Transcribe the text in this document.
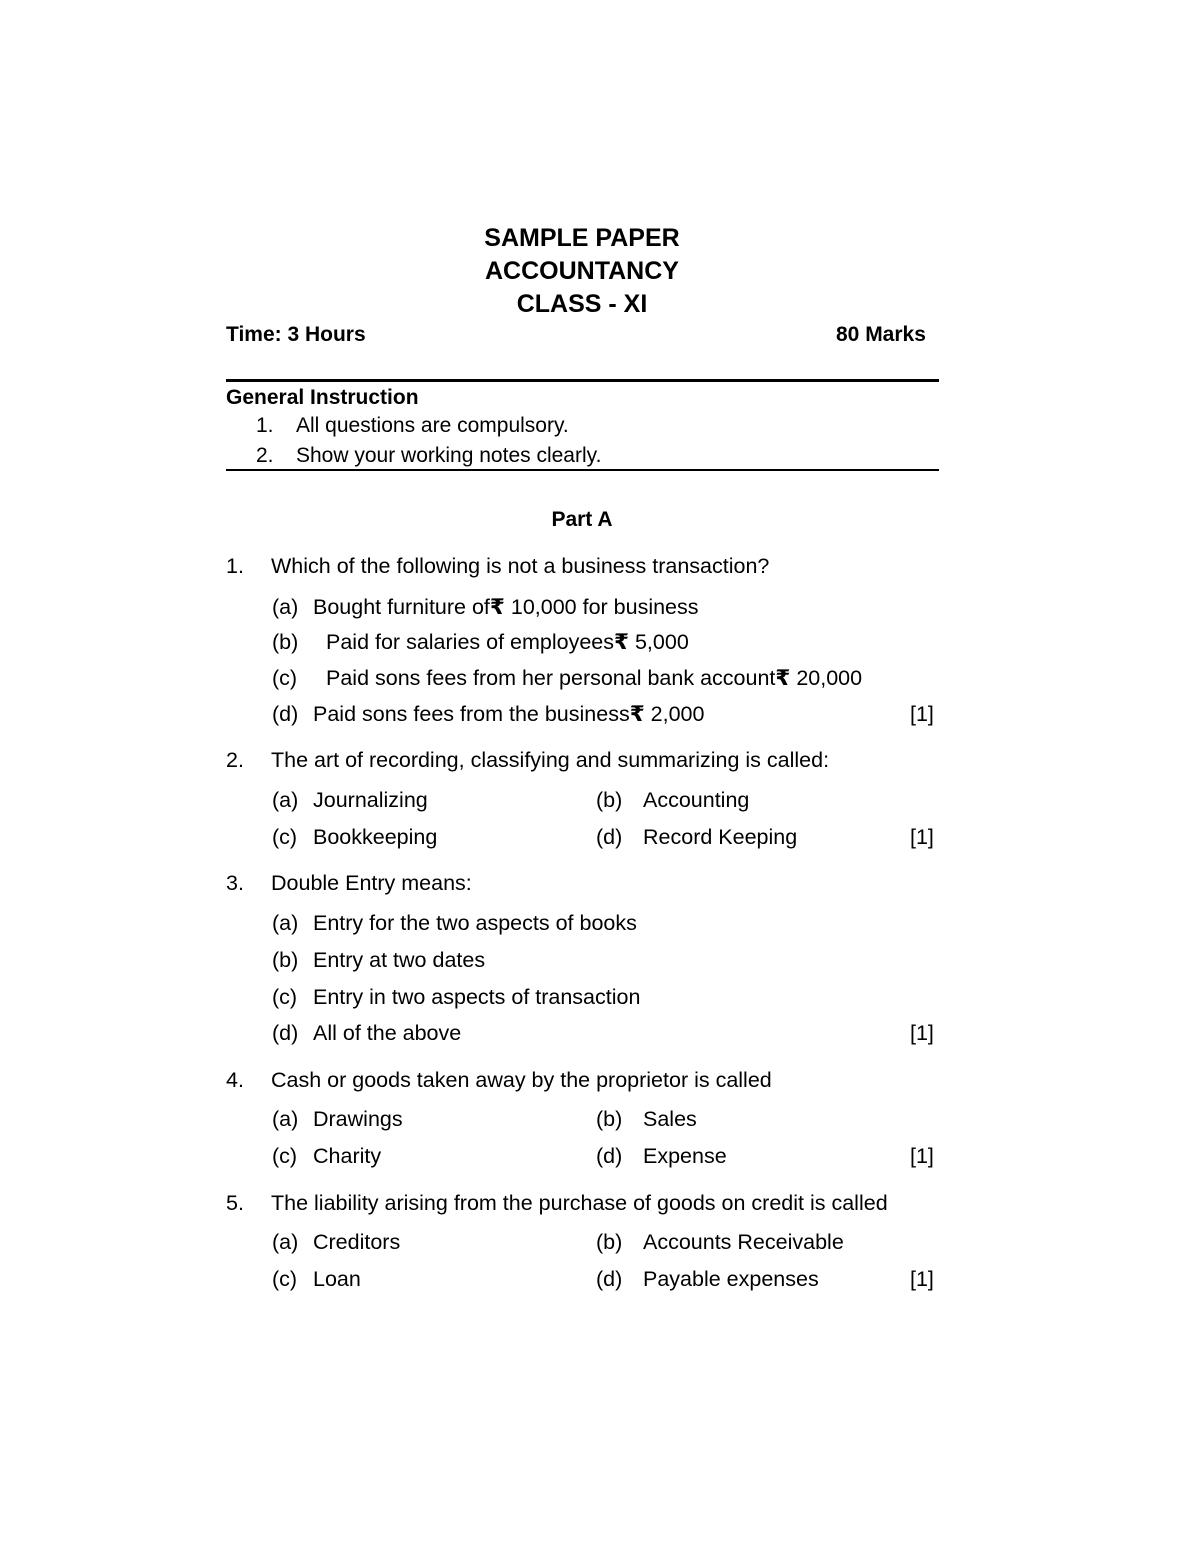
SAMPLE PAPER
ACCOUNTANCY
CLASS - XI
Time: 3 Hours	80 Marks
General Instruction
1. All questions are compulsory.
2. Show your working notes clearly.
Part A
1. Which of the following is not a business transaction?
(a) Bought furniture of₹ 10,000 for business
(b) Paid for salaries of employees₹ 5,000
(c) Paid sons fees from her personal bank account₹ 20,000
(d) Paid sons fees from the business₹ 2,000	[1]
2. The art of recording, classifying and summarizing is called:
(a) Journalizing	(b) Accounting
(c) Bookkeeping	(d) Record Keeping	[1]
3. Double Entry means:
(a) Entry for the two aspects of books
(b) Entry at two dates
(c) Entry in two aspects of transaction
(d) All of the above	[1]
4. Cash or goods taken away by the proprietor is called
(a) Drawings	(b) Sales
(c) Charity	(d) Expense	[1]
5. The liability arising from the purchase of goods on credit is called
(a) Creditors	(b) Accounts Receivable
(c) Loan	(d) Payable expenses	[1]
